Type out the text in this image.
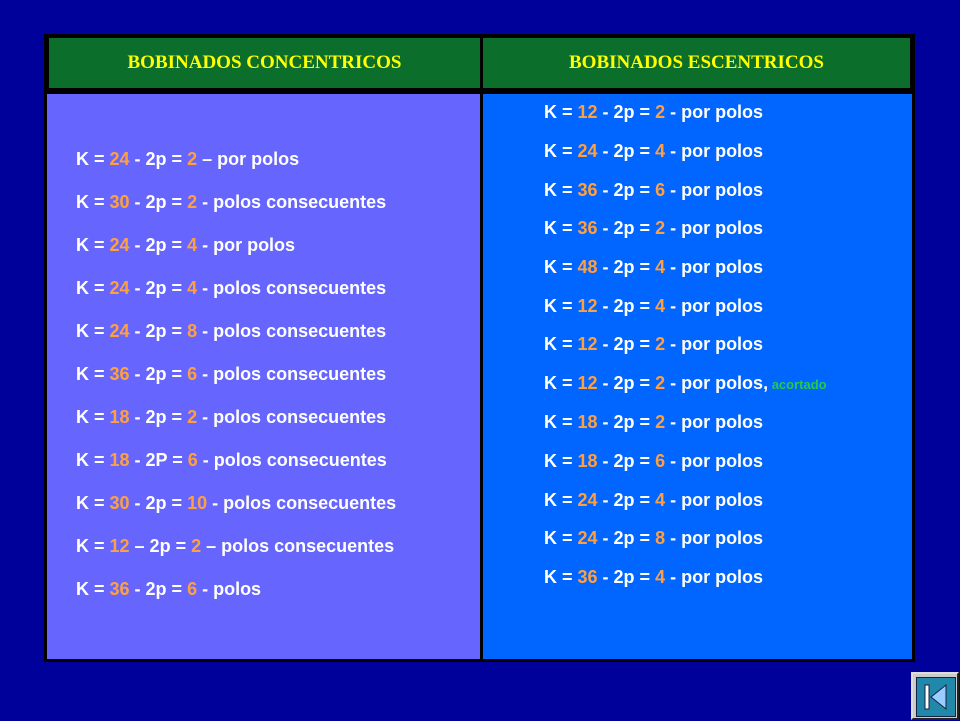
BOBINADOS CONCENTRICOS	BOBINADOS ESCENTRICOS
K = 24 - 2p = 2 – por polos
K = 30 - 2p = 2 - polos consecuentes
K = 24 - 2p = 4 - por polos
K = 24 - 2p = 4 - polos consecuentes
K = 24 - 2p = 8 - polos consecuentes
K = 36 - 2p = 6 - polos consecuentes
K = 18 - 2p = 2 - polos consecuentes
K = 18 - 2P = 6 - polos consecuentes
K = 30 - 2p = 10 - polos consecuentes
K = 12 – 2p = 2 – polos consecuentes
K = 36 - 2p = 6 - polos
K = 12 - 2p = 2 - por polos
K = 24 - 2p = 4 - por polos
K = 36 - 2p = 6 - por polos
K = 36 - 2p = 2 - por polos
K = 48 - 2p = 4 - por polos
K = 12 - 2p = 4 - por polos
K = 12 - 2p = 2 - por polos
K = 12 - 2p = 2 - por polos, acortado
K = 18 - 2p = 2 - por polos
K = 18 - 2p = 6 - por polos
K = 24 - 2p = 4 - por polos
K = 24 - 2p = 8 - por polos
K = 36 - 2p = 4 - por polos
